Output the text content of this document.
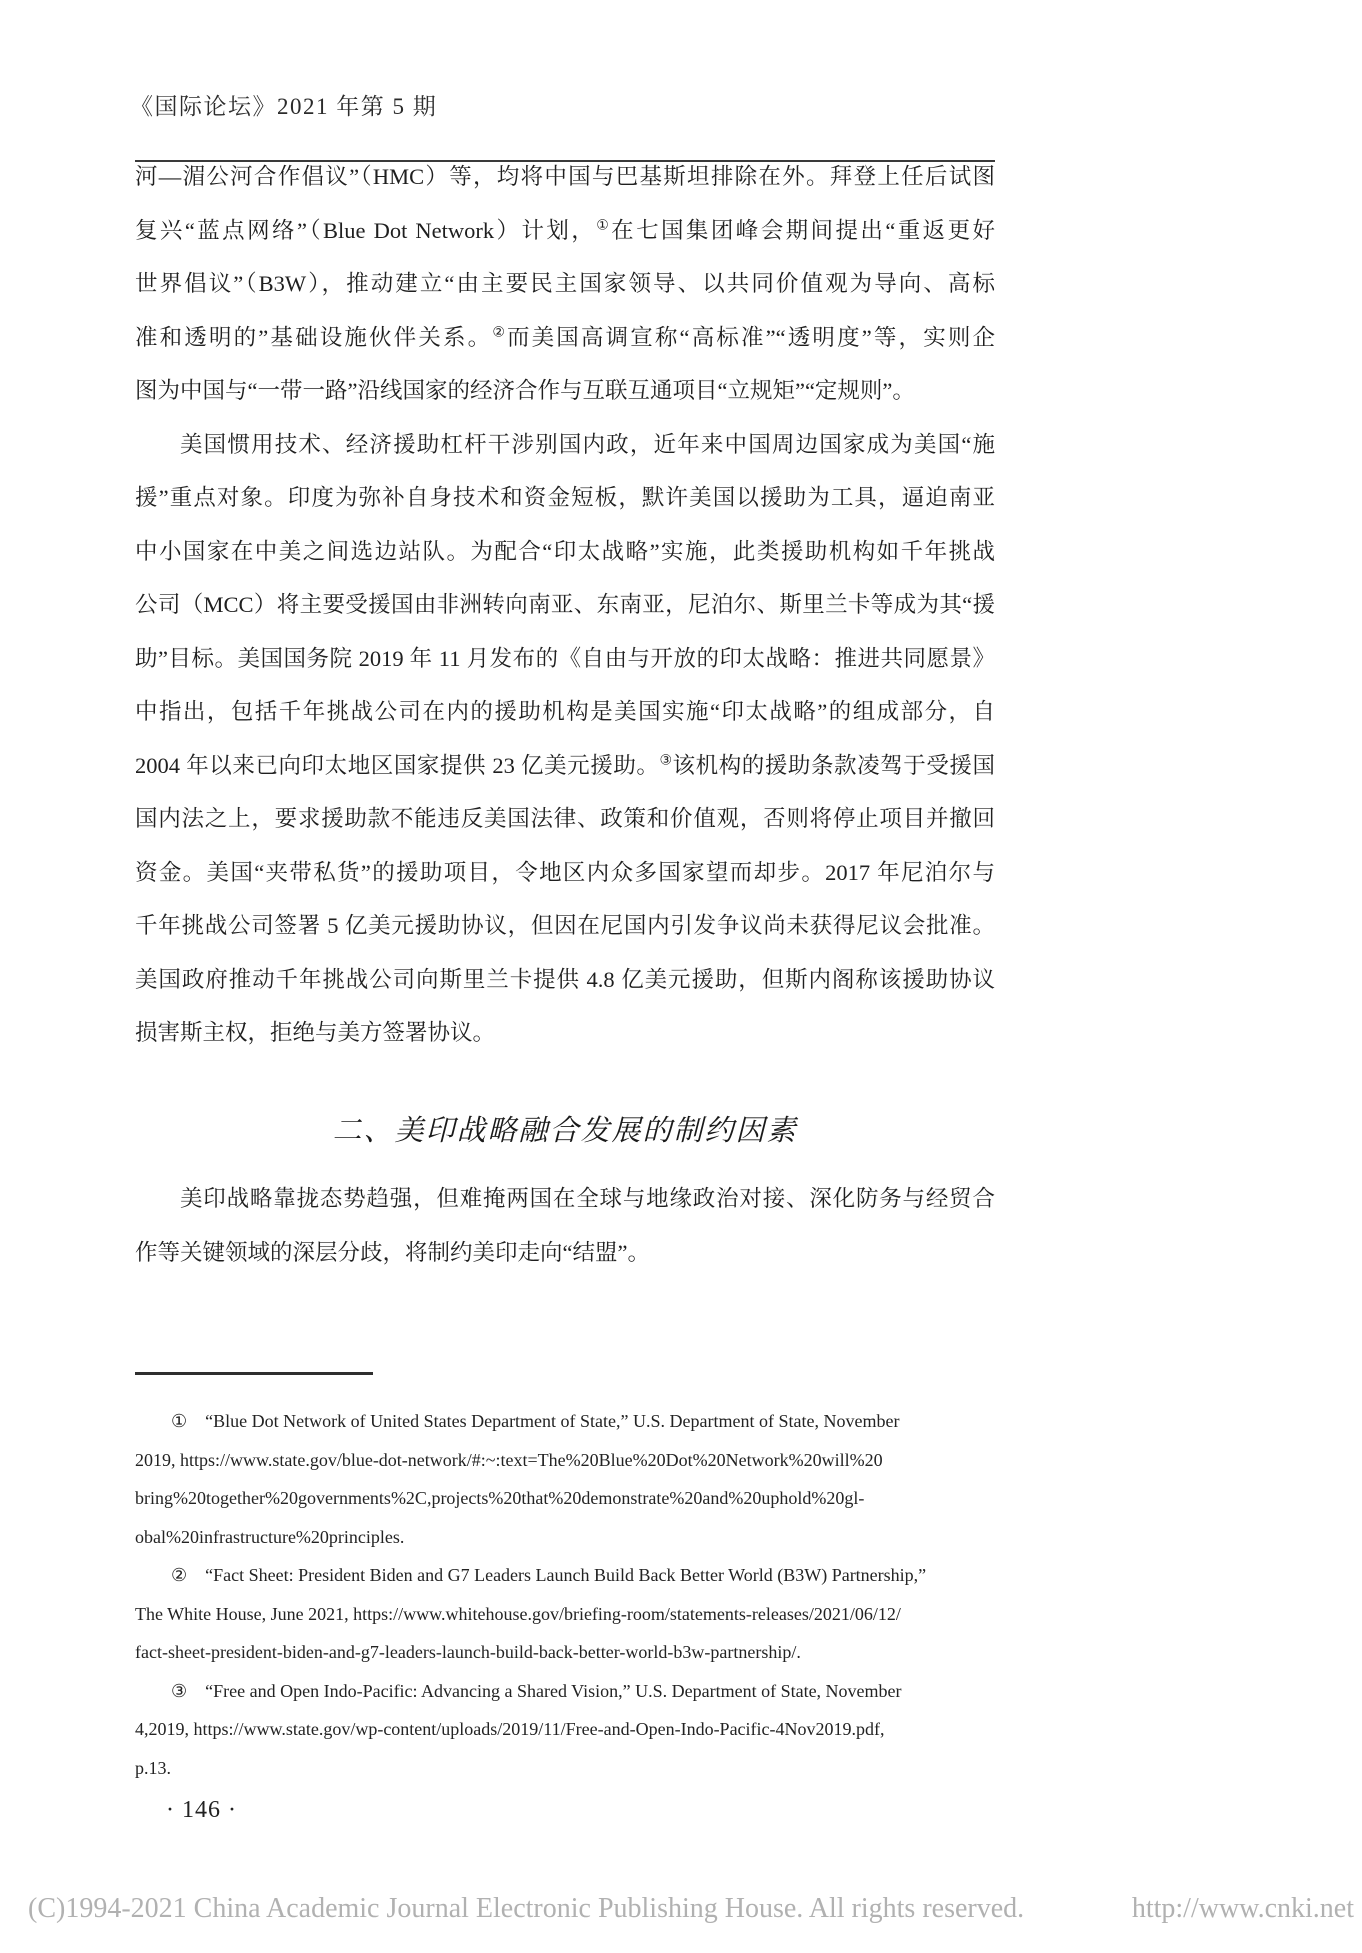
《国际论坛》2021 年第 5 期
河—湄公河合作倡议”（HMC）等，均将中国与巴基斯坦排除在外。拜登上任后试图
复兴“蓝点网络”（Blue Dot Network）计划，①在七国集团峰会期间提出“重返更好
世界倡议”（B3W），推动建立“由主要民主国家领导、以共同价值观为导向、高标
准和透明的”基础设施伙伴关系。②而美国高调宣称“高标准”“透明度”等，实则企
图为中国与“一带一路”沿线国家的经济合作与互联互通项目“立规矩”“定规则”。
美国惯用技术、经济援助杠杆干涉别国内政，近年来中国周边国家成为美国“施
援”重点对象。印度为弥补自身技术和资金短板，默许美国以援助为工具，逼迫南亚
中小国家在中美之间选边站队。为配合“印太战略”实施，此类援助机构如千年挑战
公司（MCC）将主要受援国由非洲转向南亚、东南亚，尼泊尔、斯里兰卡等成为其“援
助”目标。美国国务院 2019 年 11 月发布的《自由与开放的印太战略：推进共同愿景》
中指出，包括千年挑战公司在内的援助机构是美国实施“印太战略”的组成部分，自
2004 年以来已向印太地区国家提供 23 亿美元援助。③该机构的援助条款凌驾于受援国
国内法之上，要求援助款不能违反美国法律、政策和价值观，否则将停止项目并撤回
资金。美国“夹带私货”的援助项目，令地区内众多国家望而却步。2017 年尼泊尔与
千年挑战公司签署 5 亿美元援助协议，但因在尼国内引发争议尚未获得尼议会批准。
美国政府推动千年挑战公司向斯里兰卡提供 4.8 亿美元援助，但斯内阁称该援助协议
损害斯主权，拒绝与美方签署协议。
二、美印战略融合发展的制约因素
美印战略靠拢态势趋强，但难掩两国在全球与地缘政治对接、深化防务与经贸合
作等关键领域的深层分歧，将制约美印走向“结盟”。
① “Blue Dot Network of United States Department of State,” U.S. Department of State, November
2019, https://www.state.gov/blue-dot-network/#:~:text=The%20Blue%20Dot%20Network%20will%20
bring%20together%20governments%2C,projects%20that%20demonstrate%20and%20uphold%20gl-
obal%20infrastructure%20principles.
② “Fact Sheet: President Biden and G7 Leaders Launch Build Back Better World (B3W) Partnership,”
The White House, June 2021, https://www.whitehouse.gov/briefing-room/statements-releases/2021/06/12/
fact-sheet-president-biden-and-g7-leaders-launch-build-back-better-world-b3w-partnership/.
③ “Free and Open Indo-Pacific: Advancing a Shared Vision,” U.S. Department of State, November
4,2019, https://www.state.gov/wp-content/uploads/2019/11/Free-and-Open-Indo-Pacific-4Nov2019.pdf,
p.13.
· 146 ·
(C)1994-2021 China Academic Journal Electronic Publishing House. All rights reserved.	http://www.cnki.net
